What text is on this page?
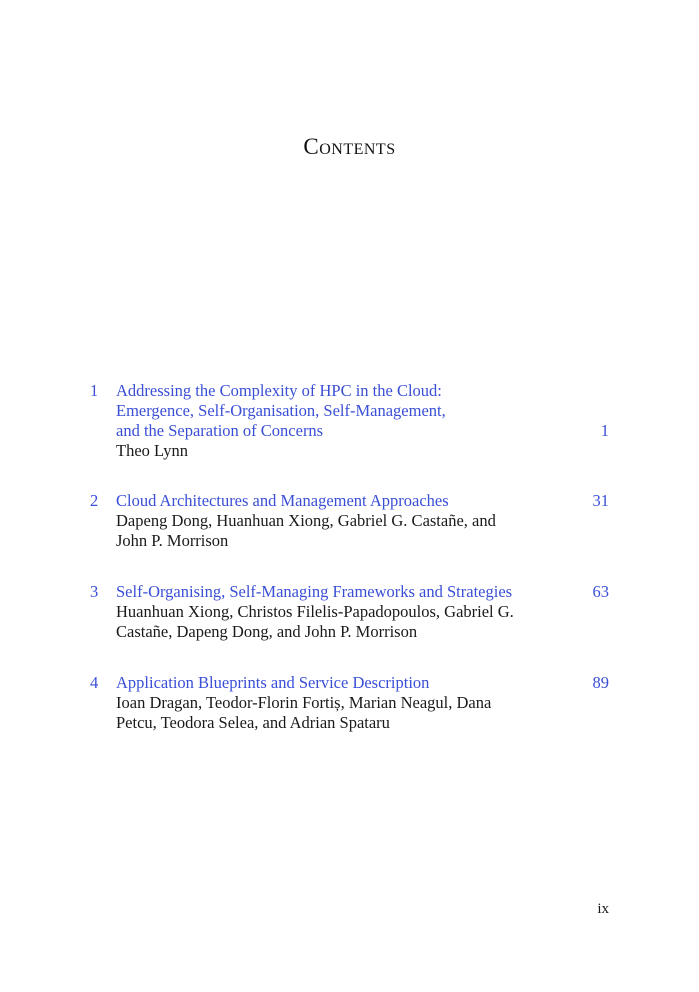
Contents
1 Addressing the Complexity of HPC in the Cloud:
Emergence, Self-Organisation, Self-Management,
and the Separation of Concerns
Theo Lynn
1
2 Cloud Architectures and Management Approaches
Dapeng Dong, Huanhuan Xiong, Gabriel G. Castañe, and
John P. Morrison
31
3 Self-Organising, Self-Managing Frameworks and Strategies
Huanhuan Xiong, Christos Filelis-Papadopoulos, Gabriel G.
Castañe, Dapeng Dong, and John P. Morrison
63
4 Application Blueprints and Service Description
Ioan Dragan, Teodor-Florin Fortiș, Marian Neagul, Dana
Petcu, Teodora Selea, and Adrian Spataru
89
ix
